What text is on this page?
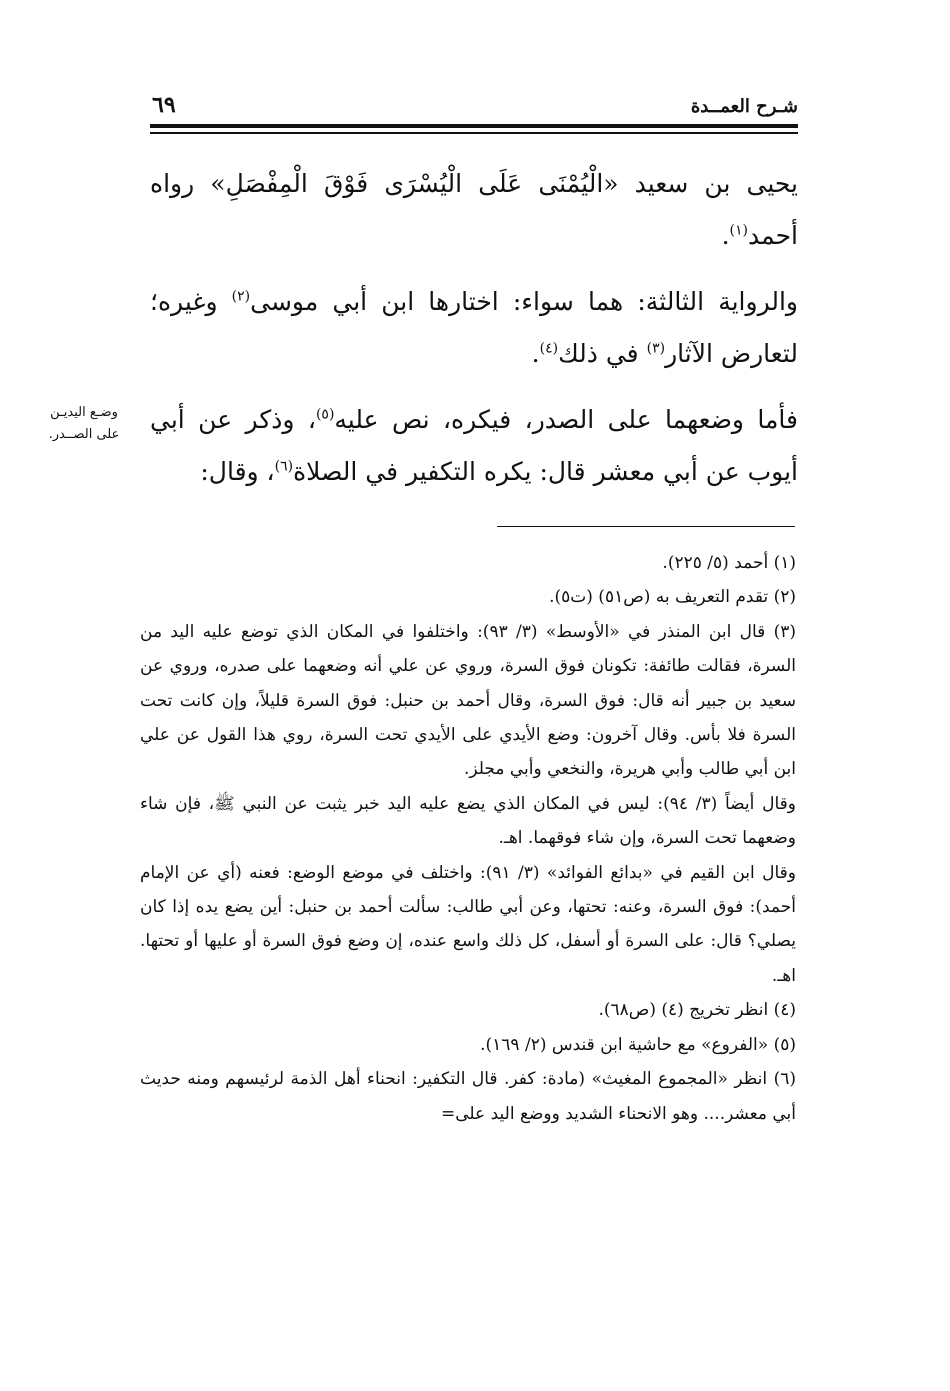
شـرح العمــدة
٦٩

يحيى بن سعيد «الْيُمْنَى عَلَى الْيُسْرَى فَوْقَ الْمِفْصَلِ» رواه أحمد$^{(١)}$.

والرواية الثالثة: هما سواء: اختارها ابن أبي موسى$^{(٢)}$ وغيره؛ لتعارض الآثار$^{(٣)}$ في ذلك$^{(٤)}$.

فأما وضعهما على الصدر، فيكره، نص عليه$^{(٥)}$، وذكر عن أبي أيوب عن أبي معشر قال: يكره التكفير في الصلاة$^{(٦)}$، وقال:

وضـع اليديـن
على الصــدر.

(١) أحمد (٥/ ٢٢٥).

(٢) تقدم التعريف به (ص٥١) (ت٥).

(٣) قال ابن المنذر في «الأوسط» (٣/ ٩٣): واختلفوا في المكان الذي توضع عليه اليد من السرة، فقالت طائفة: تكونان فوق السرة، وروي عن علي أنه وضعهما على صدره، وروي عن سعيد بن جبير أنه قال: فوق السرة، وقال أحمد بن حنبل: فوق السرة قليلاً، وإن كانت تحت السرة فلا بأس. وقال آخرون: وضع الأيدي على الأيدي تحت السرة، روي هذا القول عن علي ابن أبي طالب وأبي هريرة، والنخعي وأبي مجلز.

وقال أيضاً (٣/ ٩٤): ليس في المكان الذي يضع عليه اليد خبر يثبت عن النبي ﷺ، فإن شاء وضعهما تحت السرة، وإن شاء فوقهما. اهـ.

وقال ابن القيم في «بدائع الفوائد» (٣/ ٩١): واختلف في موضع الوضع: فعنه (أي عن الإمام أحمد): فوق السرة، وعنه: تحتها، وعن أبي طالب: سألت أحمد بن حنبل: أين يضع يده إذا كان يصلي؟ قال: على السرة أو أسفل، كل ذلك واسع عنده، إن وضع فوق السرة أو عليها أو تحتها. اهـ.

(٤) انظر تخريج (٤) (ص٦٨).

(٥) «الفروع» مع حاشية ابن قندس (٢/ ١٦٩).

(٦) انظر «المجموع المغيث» (مادة: كفر. قال التكفير: انحناء أهل الذمة لرئيسهم ومنه حديث أبي معشر.... وهو الانحناء الشديد ووضع اليد على=
